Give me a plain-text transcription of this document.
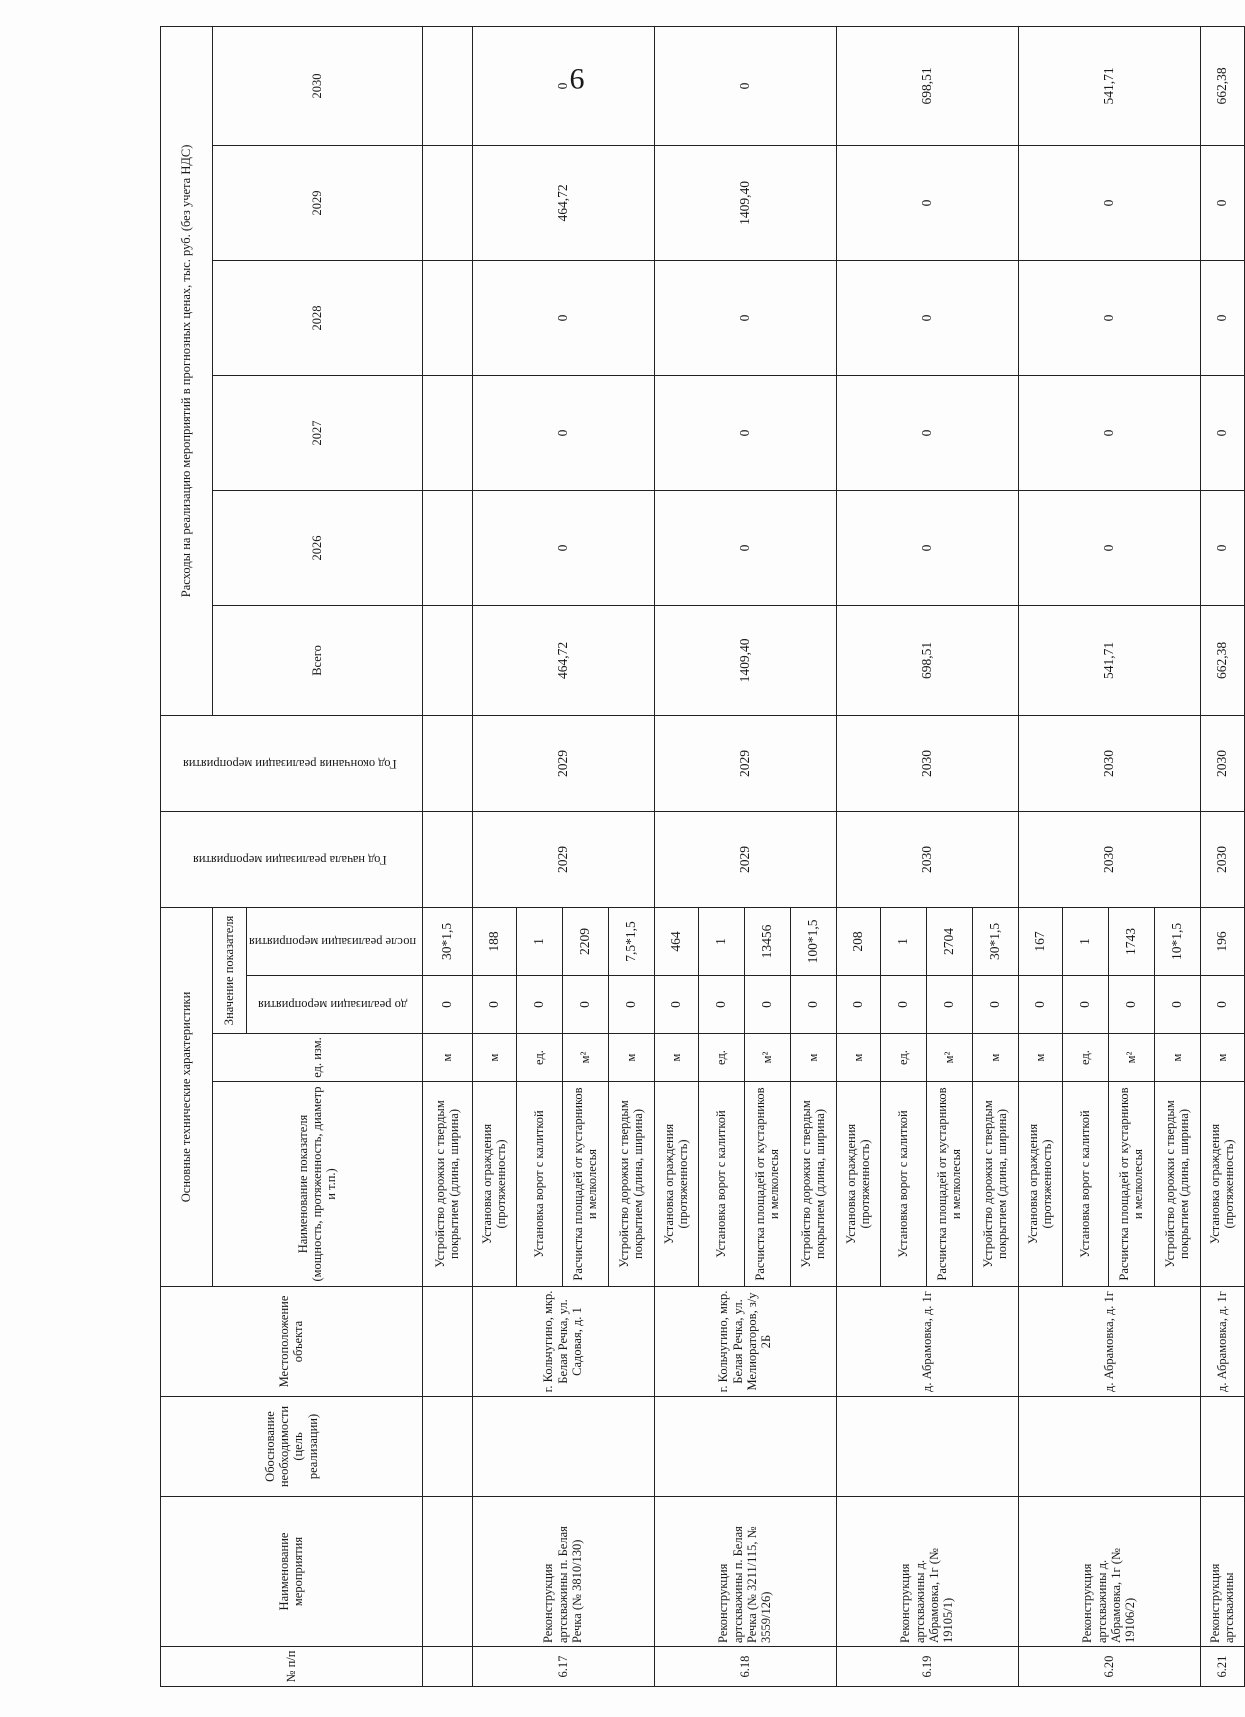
6
№ п/п	Наименование мероприятия	Обоснование необходимости (цель реализации)	Местоположение объекта	Основные технические характеристики				Год начала реализации мероприятия	Год окончания реализации мероприятия	Расходы на реализацию мероприятий в прогнозных ценах, тыс. руб. (без учета НДС)					
				Наименование показателя (мощность, протяженность, диаметр и т.п.)	ед. изм.	Значение показателя				Всего	2026	2027	2028	2029	2030
						до реализации мероприятия	после реализации мероприятия								
				Устройство дорожки с твердым покрытием (длина, ширина)	м	0	30*1,5								
6.17	Реконструкция артскважины п. Белая Речка (№ 3810/130)		г. Кольчугино, мкр. Белая Речка, ул. Садовая, д. 1	Установка ограждения (протяженность)	м	0	188	2029	2029	464,72	0	0	0	464,72	0
				Установка ворот с калиткой	ед.	0	1								
				Расчистка площадей от кустарников и мелколесья	м²	0	2209								
				Устройство дорожки с твердым покрытием (длина, ширина)	м	0	7,5*1,5								
6.18	Реконструкция артскважины п. Белая Речка (№ 3211/115, № 3559/126)		г. Кольчугино, мкр. Белая Речка, ул. Мелиораторов, з/у 2Б	Установка ограждения (протяженность)	м	0	464	2029	2029	1409,40	0	0	0	1409,40	0
				Установка ворот с калиткой	ед.	0	1								
				Расчистка площадей от кустарников и мелколесья	м²	0	13456								
				Устройство дорожки с твердым покрытием (длина, ширина)	м	0	100*1,5								
6.19	Реконструкция артскважины д. Абрамовка, 1г (№ 19105/1)		д. Абрамовка, д. 1г	Установка ограждения (протяженность)	м	0	208	2030	2030	698,51	0	0	0	0	698,51
				Установка ворот с калиткой	ед.	0	1								
				Расчистка площадей от кустарников и мелколесья	м²	0	2704								
				Устройство дорожки с твердым покрытием (длина, ширина)	м	0	30*1,5								
6.20	Реконструкция артскважины д. Абрамовка, 1г (№ 19106/2)		д. Абрамовка, д. 1г	Установка ограждения (протяженность)	м	0	167	2030	2030	541,71	0	0	0	0	541,71
				Установка ворот с калиткой	ед.	0	1								
				Расчистка площадей от кустарников и мелколесья	м²	0	1743								
				Устройство дорожки с твердым покрытием (длина, ширина)	м	0	10*1,5								
6.21	Реконструкция артскважины		д. Абрамовка, д. 1г	Установка ограждения (протяженность)	м	0	196	2030	2030	662,38	0	0	0	0	662,38
